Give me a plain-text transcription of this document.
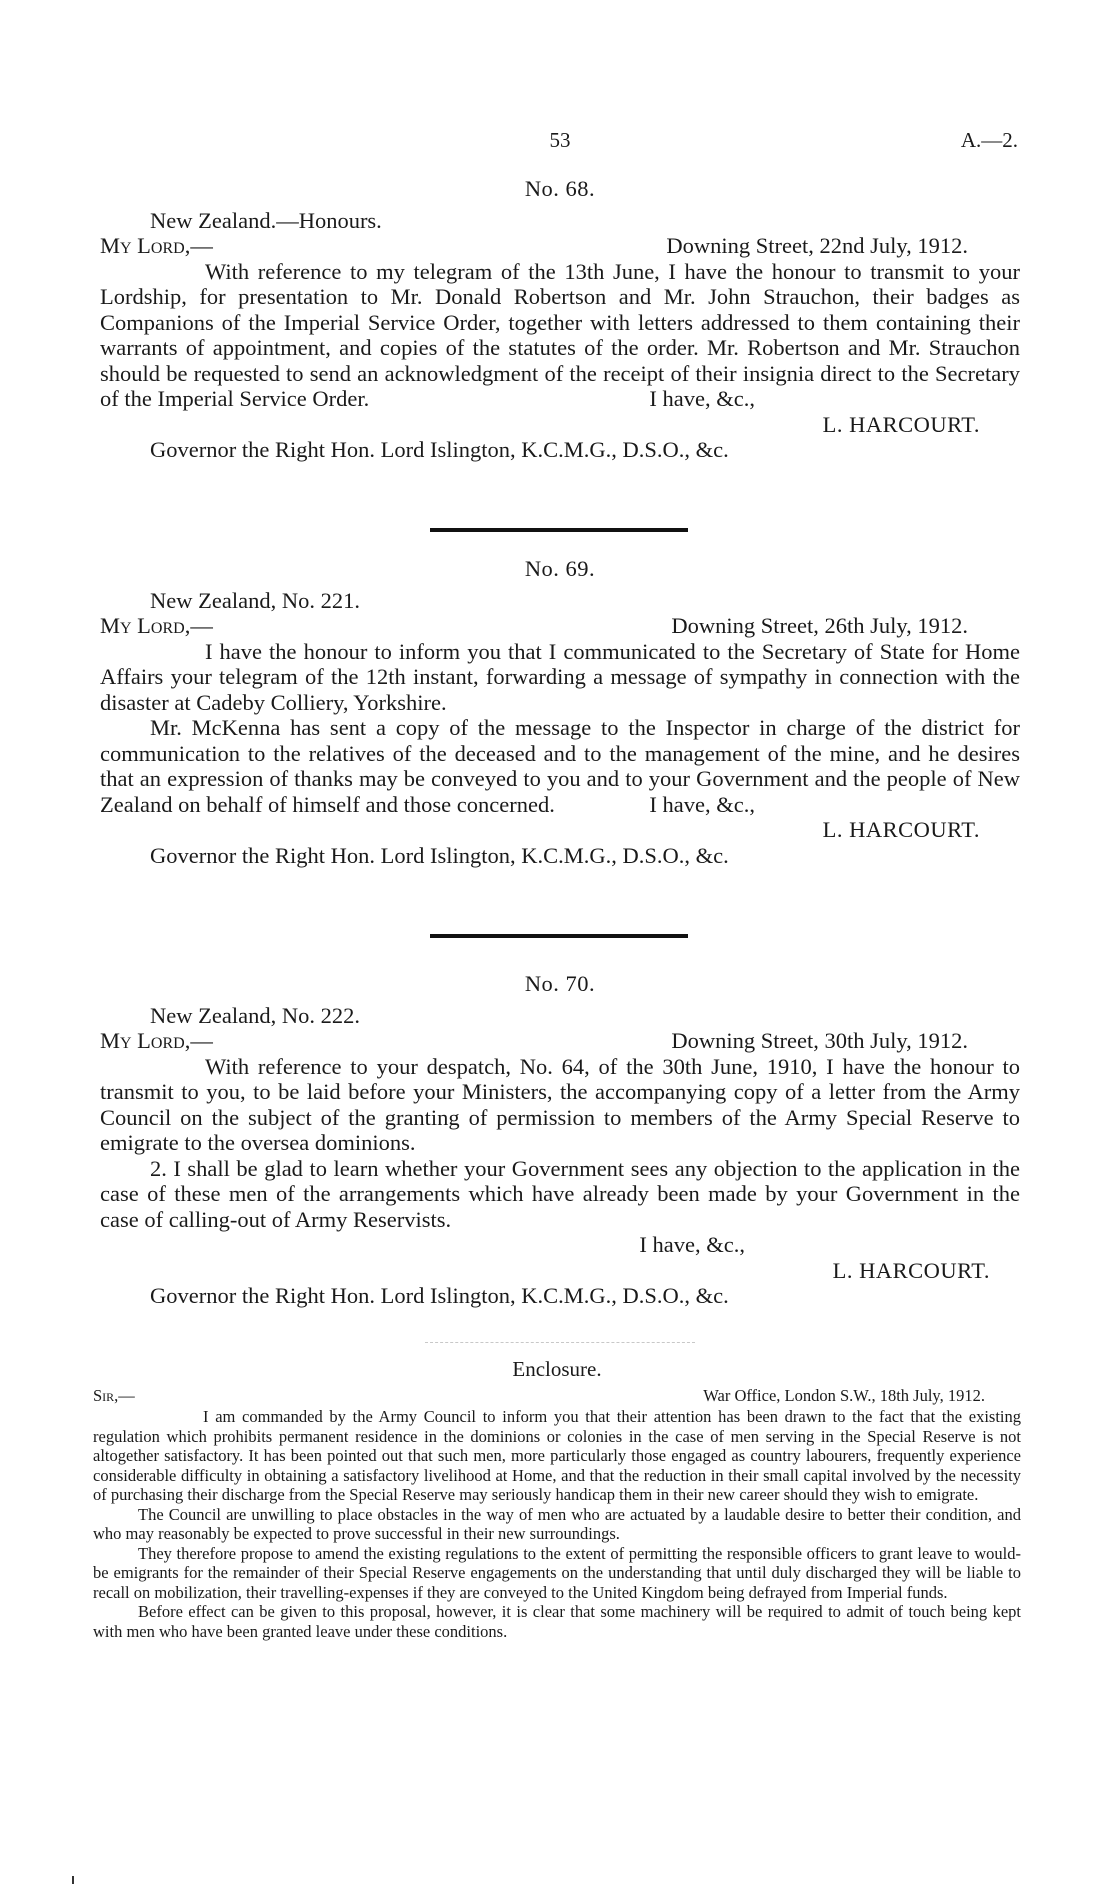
53	A.—2.
No. 68.
New Zealand.—Honours.
My Lord,—	Downing Street, 22nd July, 1912.
With reference to my telegram of the 13th June, I have the honour to transmit to your Lordship, for presentation to Mr. Donald Robertson and Mr. John Strauchon, their badges as Companions of the Imperial Service Order, together with letters addressed to them containing their warrants of appointment, and copies of the statutes of the order. Mr. Robertson and Mr. Strauchon should be requested to send an acknowledgment of the receipt of their insignia direct to the Secretary of the Imperial Service Order.	I have, &c.,
L. HARCOURT.
Governor the Right Hon. Lord Islington, K.C.M.G., D.S.O., &c.
No. 69.
New Zealand, No. 221.
My Lord,—	Downing Street, 26th July, 1912.
I have the honour to inform you that I communicated to the Secretary of State for Home Affairs your telegram of the 12th instant, forwarding a message of sympathy in connection with the disaster at Cadeby Colliery, Yorkshire.
Mr. McKenna has sent a copy of the message to the Inspector in charge of the district for communication to the relatives of the deceased and to the management of the mine, and he desires that an expression of thanks may be conveyed to you and to your Government and the people of New Zealand on behalf of himself and those concerned.	I have, &c.,
L. HARCOURT.
Governor the Right Hon. Lord Islington, K.C.M.G., D.S.O., &c.
No. 70.
New Zealand, No. 222.
My Lord,—	Downing Street, 30th July, 1912.
With reference to your despatch, No. 64, of the 30th June, 1910, I have the honour to transmit to you, to be laid before your Ministers, the accompanying copy of a letter from the Army Council on the subject of the granting of permission to members of the Army Special Reserve to emigrate to the oversea dominions.
2. I shall be glad to learn whether your Government sees any objection to the application in the case of these men of the arrangements which have already been made by your Government in the case of calling-out of Army Reservists.
I have, &c.,
L. HARCOURT.
Governor the Right Hon. Lord Islington, K.C.M.G., D.S.O., &c.
Enclosure.
Sir,—	War Office, London S.W., 18th July, 1912.
I am commanded by the Army Council to inform you that their attention has been drawn to the fact that the existing regulation which prohibits permanent residence in the dominions or colonies in the case of men serving in the Special Reserve is not altogether satisfactory. It has been pointed out that such men, more particularly those engaged as country labourers, frequently experience considerable difficulty in obtaining a satisfactory livelihood at Home, and that the reduction in their small capital involved by the necessity of purchasing their discharge from the Special Reserve may seriously handicap them in their new career should they wish to emigrate.
The Council are unwilling to place obstacles in the way of men who are actuated by a laudable desire to better their condition, and who may reasonably be expected to prove successful in their new surroundings.
They therefore propose to amend the existing regulations to the extent of permitting the responsible officers to grant leave to would-be emigrants for the remainder of their Special Reserve engagements on the understanding that until duly discharged they will be liable to recall on mobilization, their travelling-expenses if they are conveyed to the United Kingdom being defrayed from Imperial funds.
Before effect can be given to this proposal, however, it is clear that some machinery will be required to admit of touch being kept with men who have been granted leave under these conditions.
